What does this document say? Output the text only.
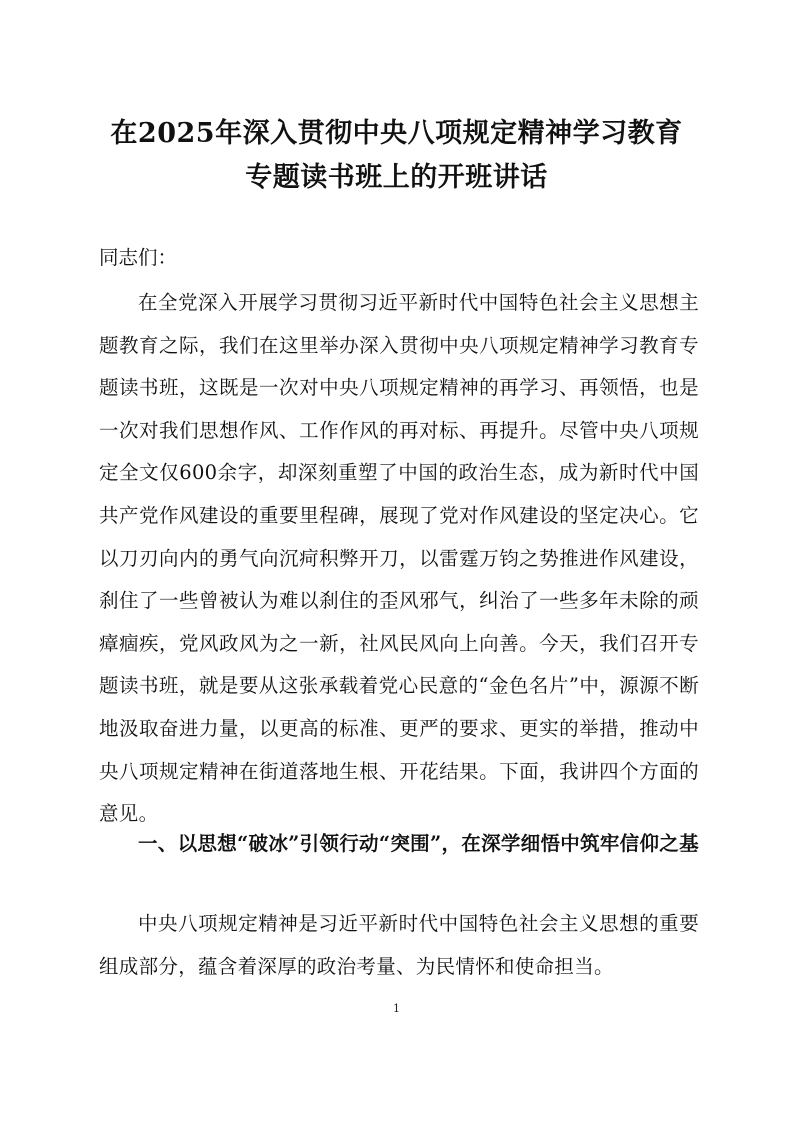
在2025年深入贯彻中央八项规定精神学习教育
专题读书班上的开班讲话

同志们：

在全党深入开展学习贯彻习近平新时代中国特色社会主义思想主题教育之际，我们在这里举办深入贯彻中央八项规定精神学习教育专题读书班，这既是一次对中央八项规定精神的再学习、再领悟，也是一次对我们思想作风、工作作风的再对标、再提升。尽管中央八项规定全文仅600余字，却深刻重塑了中国的政治生态，成为新时代中国共产党作风建设的重要里程碑，展现了党对作风建设的坚定决心。它以刀刃向内的勇气向沉疴积弊开刀，以雷霆万钧之势推进作风建设，刹住了一些曾被认为难以刹住的歪风邪气，纠治了一些多年未除的顽瘴痼疾，党风政风为之一新，社风民风向上向善。今天，我们召开专题读书班，就是要从这张承载着党心民意的“金色名片”中，源源不断地汲取奋进力量，以更高的标准、更严的要求、更实的举措，推动中央八项规定精神在街道落地生根、开花结果。下面，我讲四个方面的意见。

一、以思想“破冰”引领行动“突围”，在深学细悟中筑牢信仰之基

中央八项规定精神是习近平新时代中国特色社会主义思想的重要组成部分，蕴含着深厚的政治考量、为民情怀和使命担当。

1
